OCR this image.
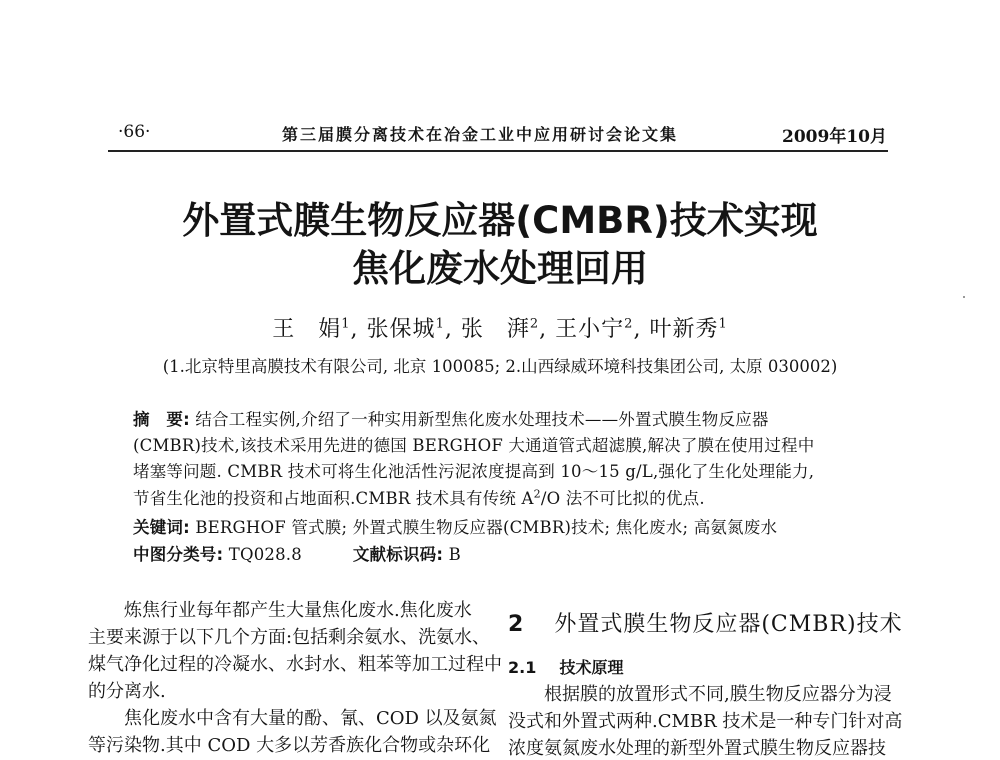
·66·	第三届膜分离技术在冶金工业中应用研讨会论文集	2009年10月
外置式膜生物反应器(CMBR)技术实现
焦化废水处理回用
王　娟$^1$, 张保城$^1$, 张　湃$^2$, 王小宁$^2$, 叶新秀$^1$
(1.北京特里高膜技术有限公司, 北京 100085; 2.山西绿威环境科技集团公司, 太原 030002)
摘　要: 结合工程实例,介绍了一种实用新型焦化废水处理技术——外置式膜生物反应器
(CMBR)技术,该技术采用先进的德国 BERGHOF 大通道管式超滤膜,解决了膜在使用过程中
堵塞等问题. CMBR 技术可将生化池活性污泥浓度提高到 10～15 g/L,强化了生化处理能力,
节省生化池的投资和占地面积.CMBR 技术具有传统 $A^2/O$ 法不可比拟的优点.
关键词: BERGHOF 管式膜; 外置式膜生物反应器(CMBR)技术; 焦化废水; 高氨氮废水
中图分类号: TQ028.8	文献标识码: B
　　炼焦行业每年都产生大量焦化废水.焦化废水
主要来源于以下几个方面:包括剩余氨水、洗氨水、
煤气净化过程的冷凝水、水封水、粗苯等加工过程中
的分离水.
　　焦化废水中含有大量的酚、氰、COD 以及氨氮
等污染物.其中 COD 大多以芳香族化合物或杂环化
2 外置式膜生物反应器(CMBR)技术
2.1 技术原理
　　根据膜的放置形式不同,膜生物反应器分为浸
没式和外置式两种.CMBR 技术是一种专门针对高
浓度氨氮废水处理的新型外置式膜生物反应器技
